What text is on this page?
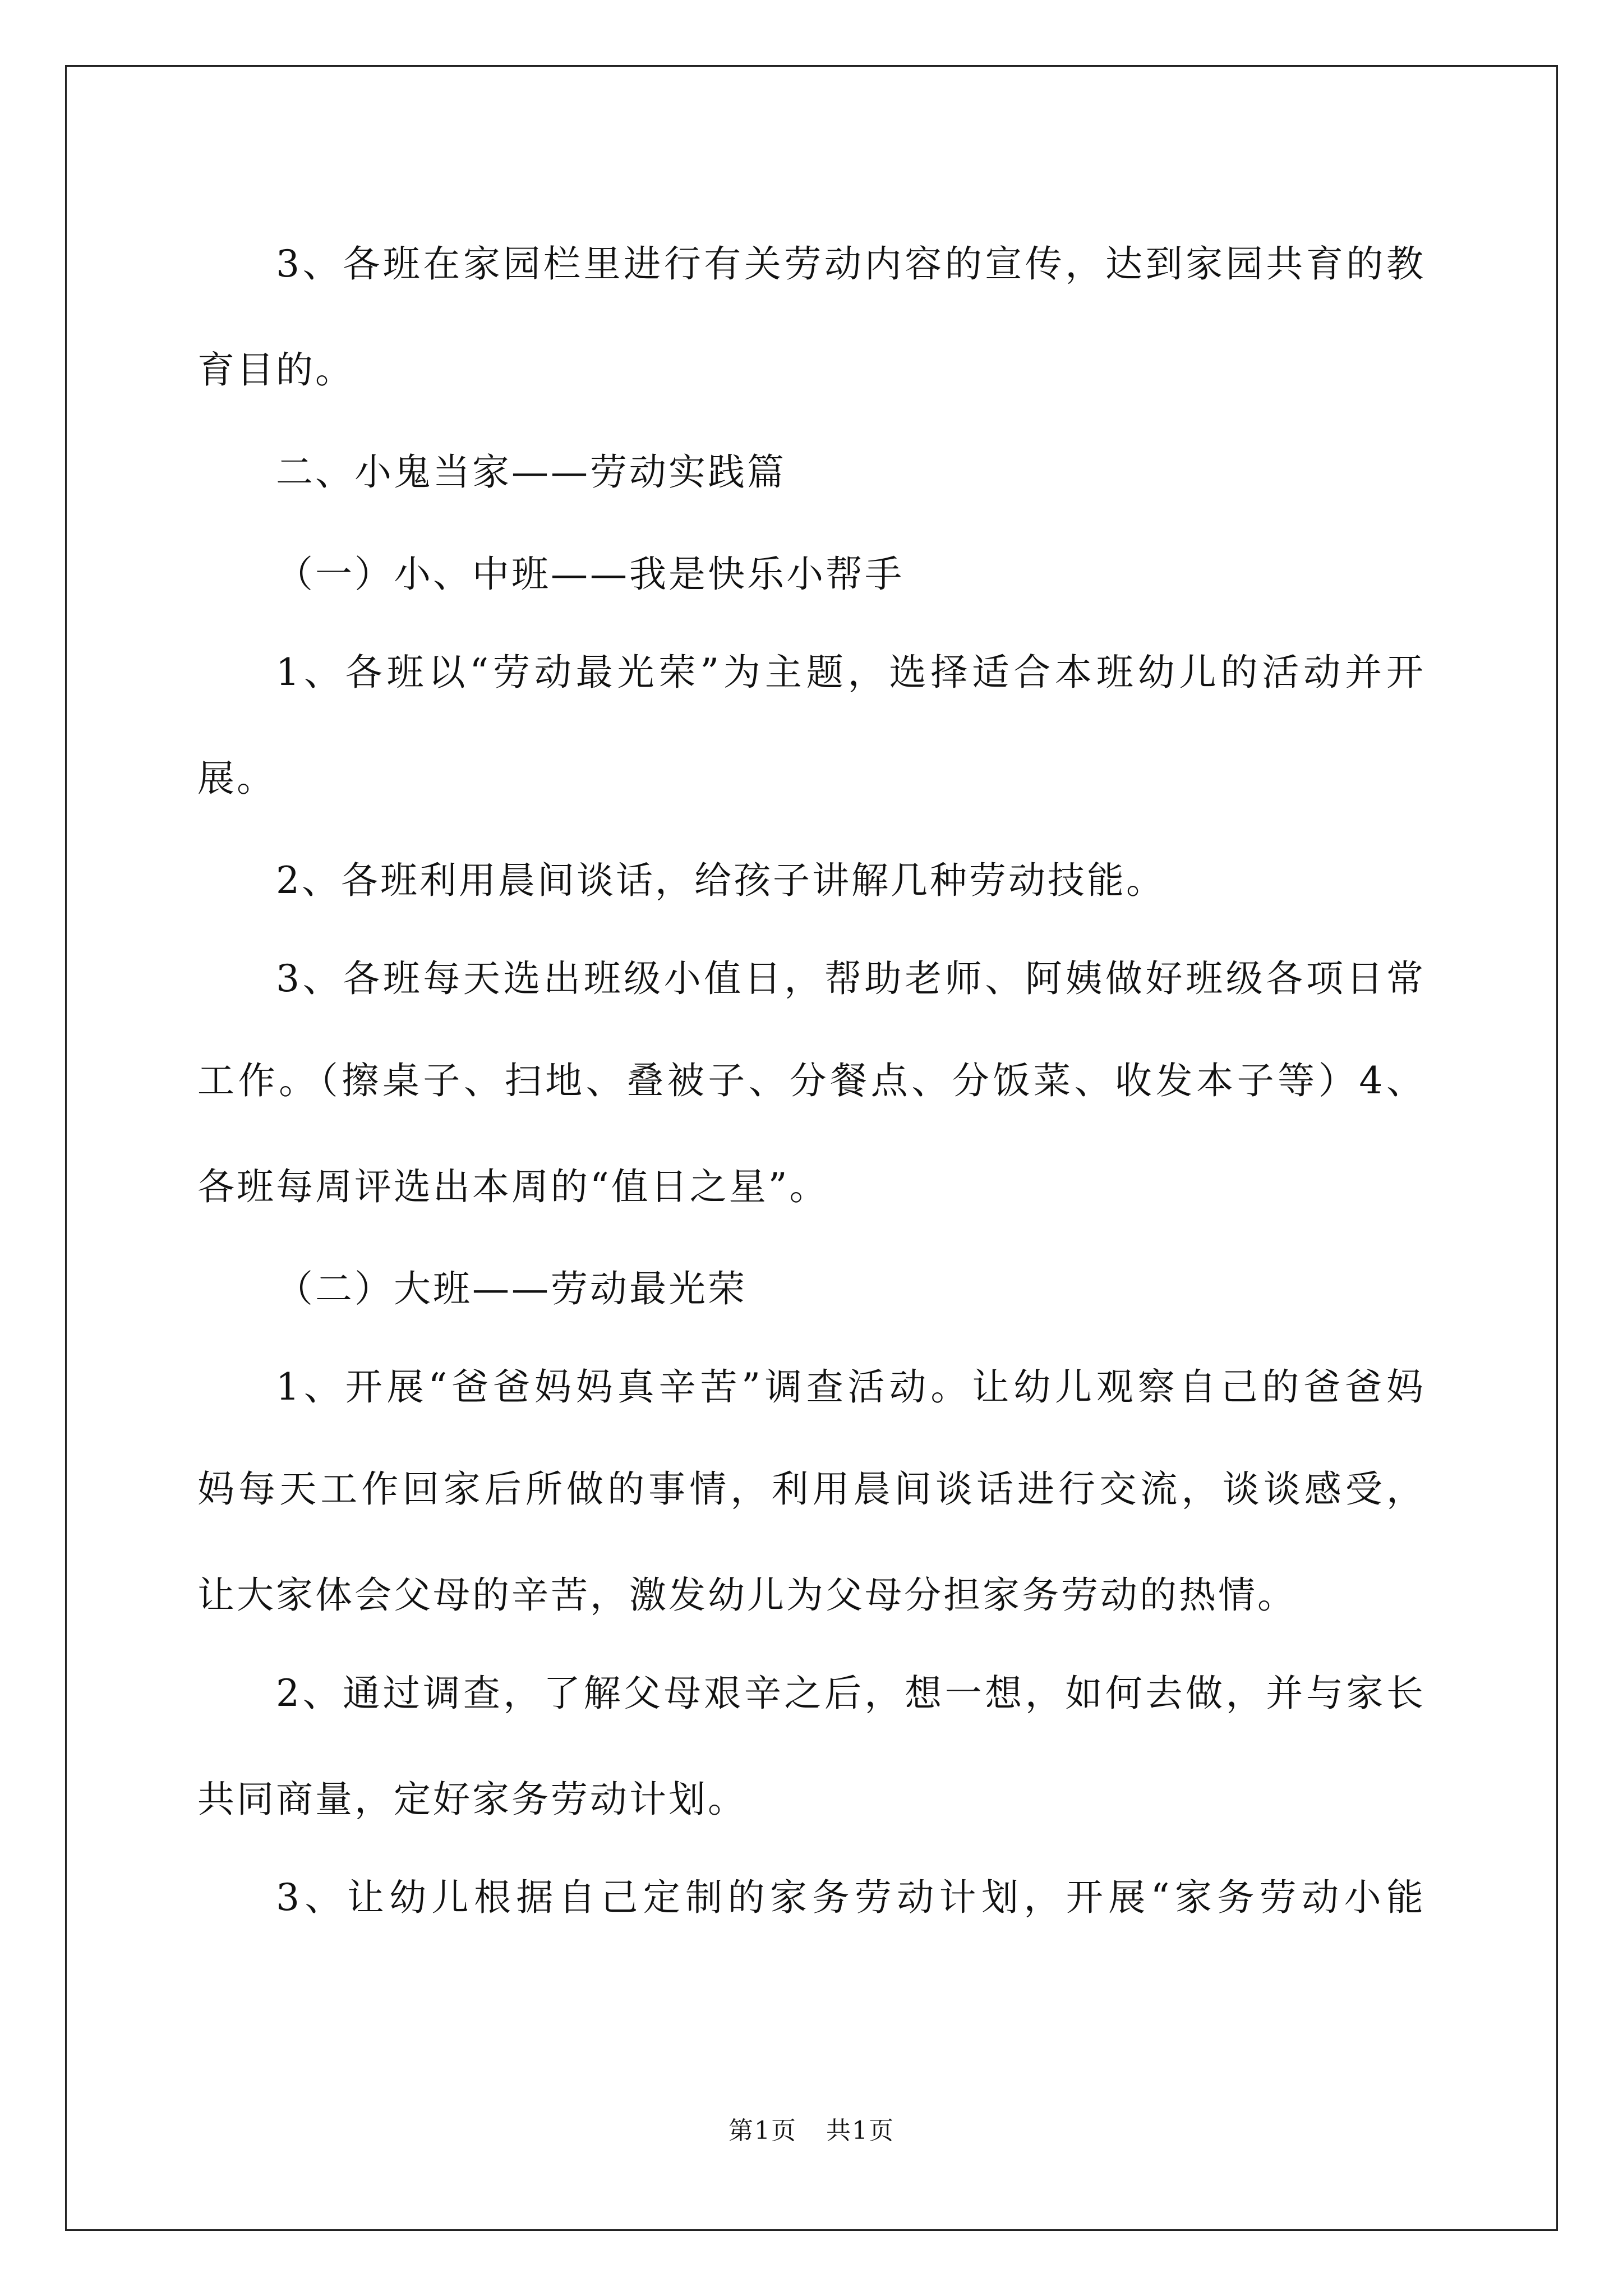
3、各班在家园栏里进行有关劳动内容的宣传，达到家园共育的教
育目的。
二、小鬼当家——劳动实践篇
（一）小、中班——我是快乐小帮手
1、各班以“劳动最光荣”为主题，选择适合本班幼儿的活动并开
展。
2、各班利用晨间谈话，给孩子讲解几种劳动技能。
3、各班每天选出班级小值日，帮助老师、阿姨做好班级各项日常
工作。（擦桌子、扫地、叠被子、分餐点、分饭菜、收发本子等）4、
各班每周评选出本周的“值日之星”。
（二）大班——劳动最光荣
1、开展“爸爸妈妈真辛苦”调查活动。让幼儿观察自己的爸爸妈
妈每天工作回家后所做的事情，利用晨间谈话进行交流，谈谈感受，
让大家体会父母的辛苦，激发幼儿为父母分担家务劳动的热情。
2、通过调查，了解父母艰辛之后，想一想，如何去做，并与家长
共同商量，定好家务劳动计划。
3、让幼儿根据自己定制的家务劳动计划，开展“家务劳动小能
第1页 共1页
